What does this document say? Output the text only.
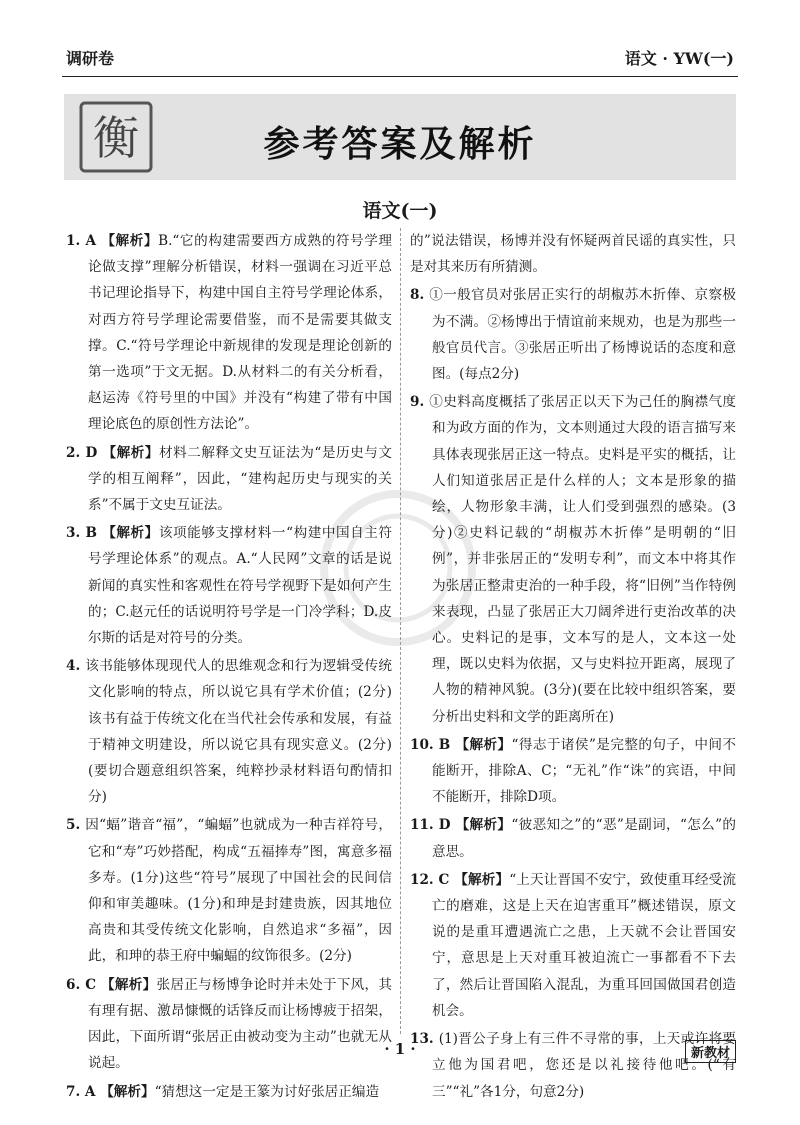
调研卷	语文 · YW(一)
衡	参考答案及解析
语文(一)
1. A 【解析】B.“它的构建需要西方成熟的符号学理论做支撑”理解分析错误，材料一强调在习近平总书记理论指导下，构建中国自主符号学理论体系，对西方符号学理论需要借鉴，而不是需要其做支撑。C.“符号学理论中新规律的发现是理论创新的第一选项”于文无据。D.从材料二的有关分析看，赵运涛《符号里的中国》并没有“构建了带有中国理论底色的原创性方法论”。
2. D 【解析】材料二解释文史互证法为“是历史与文学的相互阐释”，因此，“建构起历史与现实的关系”不属于文史互证法。
3. B 【解析】该项能够支撑材料一“构建中国自主符号学理论体系”的观点。A.“人民网”文章的话是说新闻的真实性和客观性在符号学视野下是如何产生的；C.赵元任的话说明符号学是一门冷学科；D.皮尔斯的话是对符号的分类。
4. 该书能够体现现代人的思维观念和行为逻辑受传统文化影响的特点，所以说它具有学术价值；(2分)该书有益于传统文化在当代社会传承和发展，有益于精神文明建设，所以说它具有现实意义。(2分)(要切合题意组织答案，纯粹抄录材料语句酌情扣分)
5. 因“蝠”谐音“福”，“蝙蝠”也就成为一种吉祥符号，它和“寿”巧妙搭配，构成“五福捧寿”图，寓意多福多寿。(1分)这些“符号”展现了中国社会的民间信仰和审美趣味。(1分)和珅是封建贵族，因其地位高贵和其受传统文化影响，自然追求“多福”，因此，和珅的恭王府中蝙蝠的纹饰很多。(2分)
6. C 【解析】张居正与杨博争论时并未处于下风，其有理有据、激昂慷慨的话锋反而让杨博疲于招架，因此，下面所谓“张居正由被动变为主动”也就无从说起。
7. A 【解析】“猜想这一定是王篆为讨好张居正编造
的”说法错误，杨博并没有怀疑两首民谣的真实性，只是对其来历有所猜测。
8. ①一般官员对张居正实行的胡椒苏木折俸、京察极为不满。②杨博出于情谊前来规劝，也是为那些一般官员代言。③张居正听出了杨博说话的态度和意图。(每点2分)
9. ①史料高度概括了张居正以天下为己任的胸襟气度和为政方面的作为，文本则通过大段的语言描写来具体表现张居正这一特点。史料是平实的概括，让人们知道张居正是什么样的人；文本是形象的描绘，人物形象丰满，让人们受到强烈的感染。(3分)②史料记载的“胡椒苏木折俸”是明朝的“旧例”，并非张居正的“发明专利”，而文本中将其作为张居正整肃吏治的一种手段，将“旧例”当作特例来表现，凸显了张居正大刀阔斧进行吏治改革的决心。史料记的是事，文本写的是人，文本这一处理，既以史料为依据，又与史料拉开距离，展现了人物的精神风貌。(3分)(要在比较中组织答案，要分析出史料和文学的距离所在)
10. B 【解析】“得志于诸侯”是完整的句子，中间不能断开，排除A、C；“无礼”作“诛”的宾语，中间不能断开，排除D项。
11. D 【解析】“彼恶知之”的“恶”是副词，“怎么”的意思。
12. C 【解析】“上天让晋国不安宁，致使重耳经受流亡的磨难，这是上天在迫害重耳”概述错误，原文说的是重耳遭遇流亡之患，上天就不会让晋国安宁，意思是上天对重耳被迫流亡一事都看不下去了，然后让晋国陷入混乱，为重耳回国做国君创造机会。
13. (1)晋公子身上有三件不寻常的事，上天或许将要立他为国君吧，您还是以礼接待他吧。(“有三”“礼”各1分，句意2分)
· 1 ·	新教材
